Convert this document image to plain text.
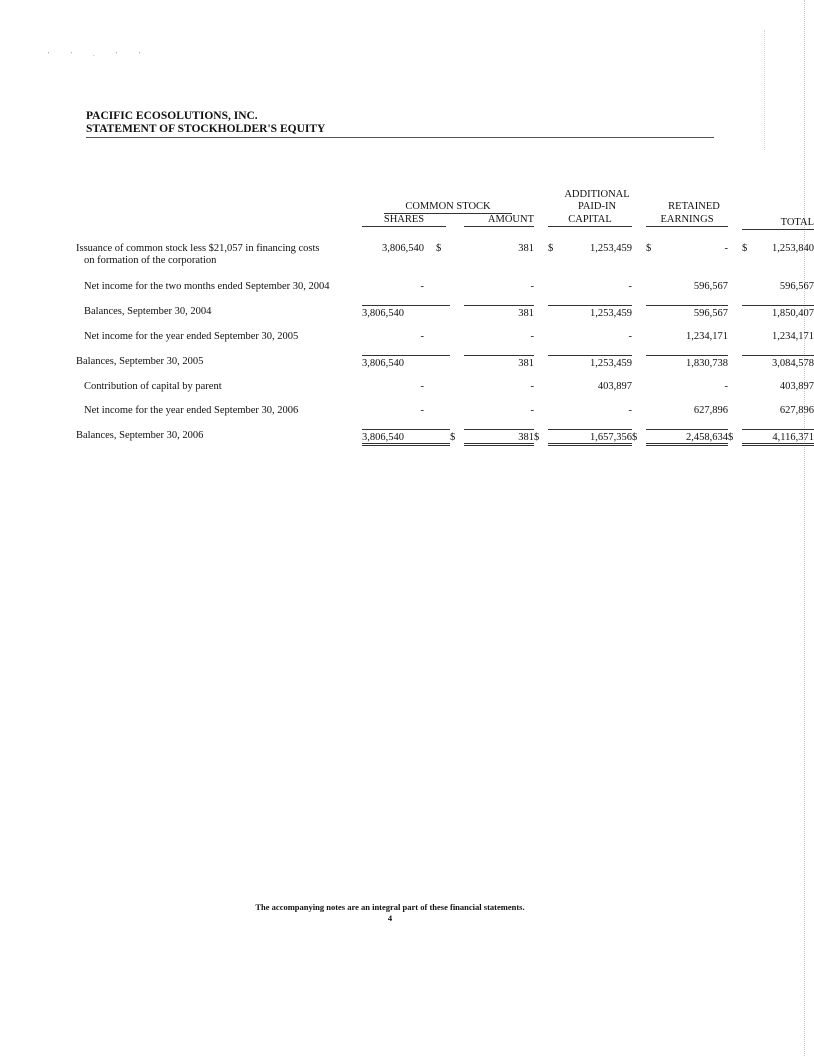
' ' . ' '
PACIFIC ECOSOLUTIONS, INC.
STATEMENT OF STOCKHOLDER'S EQUITY
								ADDITIONAL						
	COMMON STOCK							PAID-IN			RETAINED			

	SHARES			AMOUNT			CAPITAL			EARNINGS			TOTAL	

Issuance of common stock less $21,057 in financing costs
on formation of the corporation	3,806,540	$			381		$	1,253,459		$	-		$	1,253,840

Net income for the two months ended September 30, 2004	-				-			-			596,567			596,567

Balances, September 30, 2004	3,806,540			381			1,253,459			596,567			1,850,407	

Net income for the year ended September 30, 2005	-				-			-			1,234,171			1,234,171

Balances, September 30, 2005	3,806,540			381			1,253,459			1,830,738			3,084,578	

Contribution of capital by parent	-				-			403,897			-			403,897

Net income for the year ended September 30, 2006	-				-			-			627,896			627,896

Balances, September 30, 2006	3,806,540		$	381		$	1,657,356		$	2,458,634		$	4,116,371	
The accompanying notes are an integral part of these financial statements.
4
